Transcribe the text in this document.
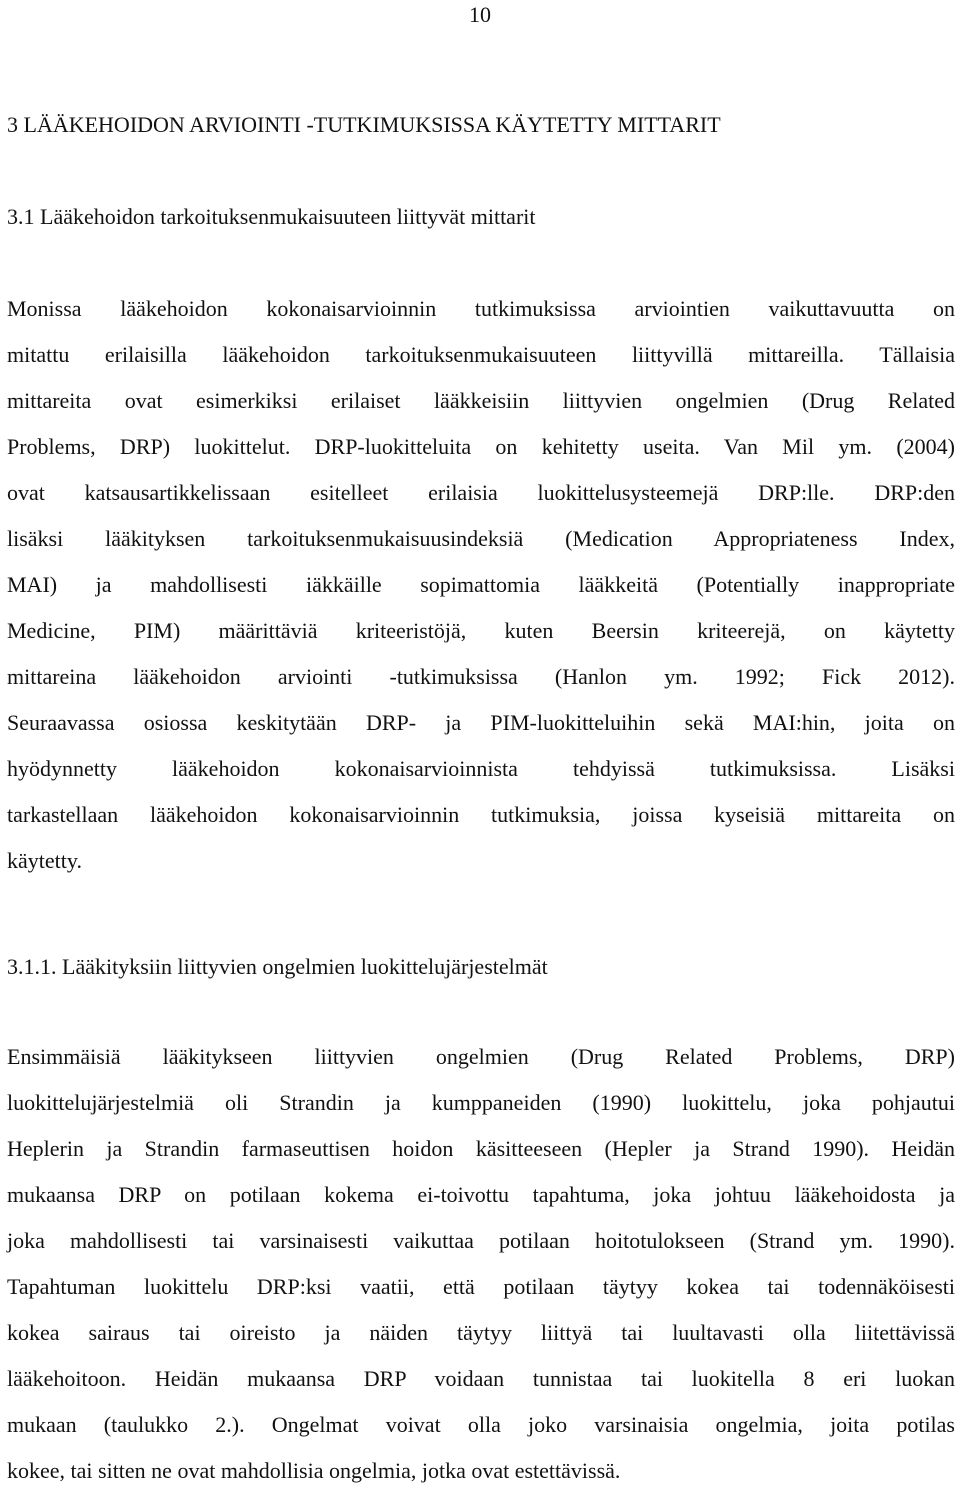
10
3 LÄÄKEHOIDON ARVIOINTI -TUTKIMUKSISSA KÄYTETTY MITTARIT
3.1 Lääkehoidon tarkoituksenmukaisuuteen liittyvät mittarit
Monissa lääkehoidon kokonaisarvioinnin tutkimuksissa arviointien vaikuttavuutta on
mitattu erilaisilla lääkehoidon tarkoituksenmukaisuuteen liittyvillä mittareilla. Tällaisia
mittareita ovat esimerkiksi erilaiset lääkkeisiin liittyvien ongelmien (Drug Related
Problems, DRP) luokittelut. DRP-luokitteluita on kehitetty useita. Van Mil ym. (2004)
ovat katsausartikkelissaan esitelleet erilaisia luokittelusysteemejä DRP:lle. DRP:den
lisäksi lääkityksen tarkoituksenmukaisuusindeksiä (Medication Appropriateness Index,
MAI) ja mahdollisesti iäkkäille sopimattomia lääkkeitä (Potentially inappropriate
Medicine, PIM) määrittäviä kriteeristöjä, kuten Beersin kriteerejä, on käytetty
mittareina lääkehoidon arviointi -tutkimuksissa (Hanlon ym. 1992; Fick 2012).
Seuraavassa osiossa keskitytään DRP- ja PIM-luokitteluihin sekä MAI:hin, joita on
hyödynnetty lääkehoidon kokonaisarvioinnista tehdyissä tutkimuksissa. Lisäksi
tarkastellaan lääkehoidon kokonaisarvioinnin tutkimuksia, joissa kyseisiä mittareita on
käytetty.
3.1.1. Lääkityksiin liittyvien ongelmien luokittelujärjestelmät
Ensimmäisiä lääkitykseen liittyvien ongelmien (Drug Related Problems, DRP)
luokittelujärjestelmiä oli Strandin ja kumppaneiden (1990) luokittelu, joka pohjautui
Heplerin ja Strandin farmaseuttisen hoidon käsitteeseen (Hepler ja Strand 1990). Heidän
mukaansa DRP on potilaan kokema ei-toivottu tapahtuma, joka johtuu lääkehoidosta ja
joka mahdollisesti tai varsinaisesti vaikuttaa potilaan hoitotulokseen (Strand ym. 1990).
Tapahtuman luokittelu DRP:ksi vaatii, että potilaan täytyy kokea tai todennäköisesti
kokea sairaus tai oireisto ja näiden täytyy liittyä tai luultavasti olla liitettävissä
lääkehoitoon. Heidän mukaansa DRP voidaan tunnistaa tai luokitella 8 eri luokan
mukaan (taulukko 2.). Ongelmat voivat olla joko varsinaisia ongelmia, joita potilas
kokee, tai sitten ne ovat mahdollisia ongelmia, jotka ovat estettävissä.
